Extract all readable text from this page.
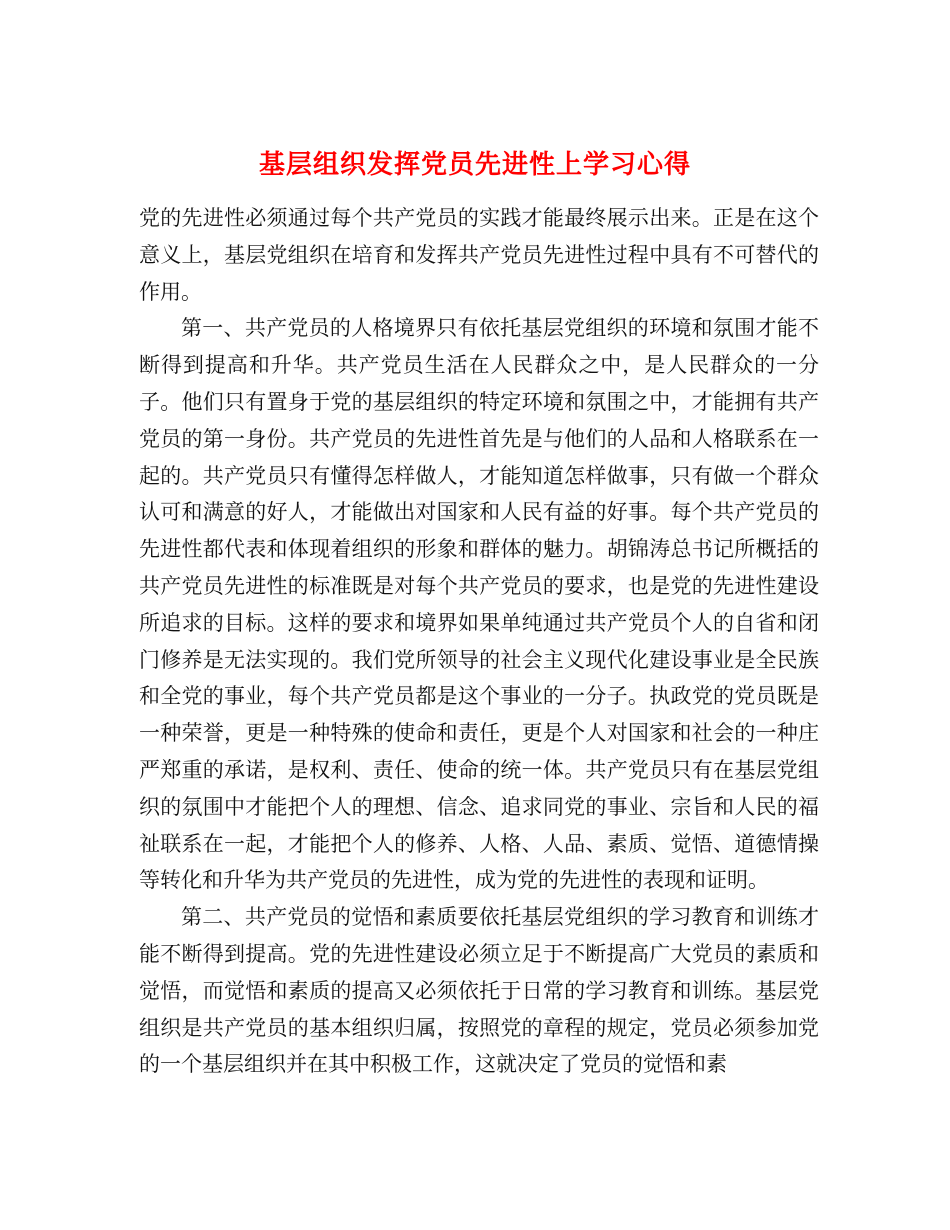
基层组织发挥党员先进性上学习心得

党的先进性必须通过每个共产党员的实践才能最终展示出来。正是在这个意义上，基层党组织在培育和发挥共产党员先进性过程中具有不可替代的作用。

第一、共产党员的人格境界只有依托基层党组织的环境和氛围才能不断得到提高和升华。共产党员生活在人民群众之中，是人民群众的一分子。他们只有置身于党的基层组织的特定环境和氛围之中，才能拥有共产党员的第一身份。共产党员的先进性首先是与他们的人品和人格联系在一起的。共产党员只有懂得怎样做人，才能知道怎样做事，只有做一个群众认可和满意的好人，才能做出对国家和人民有益的好事。每个共产党员的先进性都代表和体现着组织的形象和群体的魅力。胡锦涛总书记所概括的共产党员先进性的标准既是对每个共产党员的要求，也是党的先进性建设所追求的目标。这样的要求和境界如果单纯通过共产党员个人的自省和闭门修养是无法实现的。我们党所领导的社会主义现代化建设事业是全民族和全党的事业，每个共产党员都是这个事业的一分子。执政党的党员既是一种荣誉，更是一种特殊的使命和责任，更是个人对国家和社会的一种庄严郑重的承诺，是权利、责任、使命的统一体。共产党员只有在基层党组织的氛围中才能把个人的理想、信念、追求同党的事业、宗旨和人民的福祉联系在一起，才能把个人的修养、人格、人品、素质、觉悟、道德情操等转化和升华为共产党员的先进性，成为党的先进性的表现和证明。

第二、共产党员的觉悟和素质要依托基层党组织的学习教育和训练才能不断得到提高。党的先进性建设必须立足于不断提高广大党员的素质和觉悟，而觉悟和素质的提高又必须依托于日常的学习教育和训练。基层党组织是共产党员的基本组织归属，按照党的章程的规定，党员必须参加党的一个基层组织并在其中积极工作，这就决定了党员的觉悟和素
